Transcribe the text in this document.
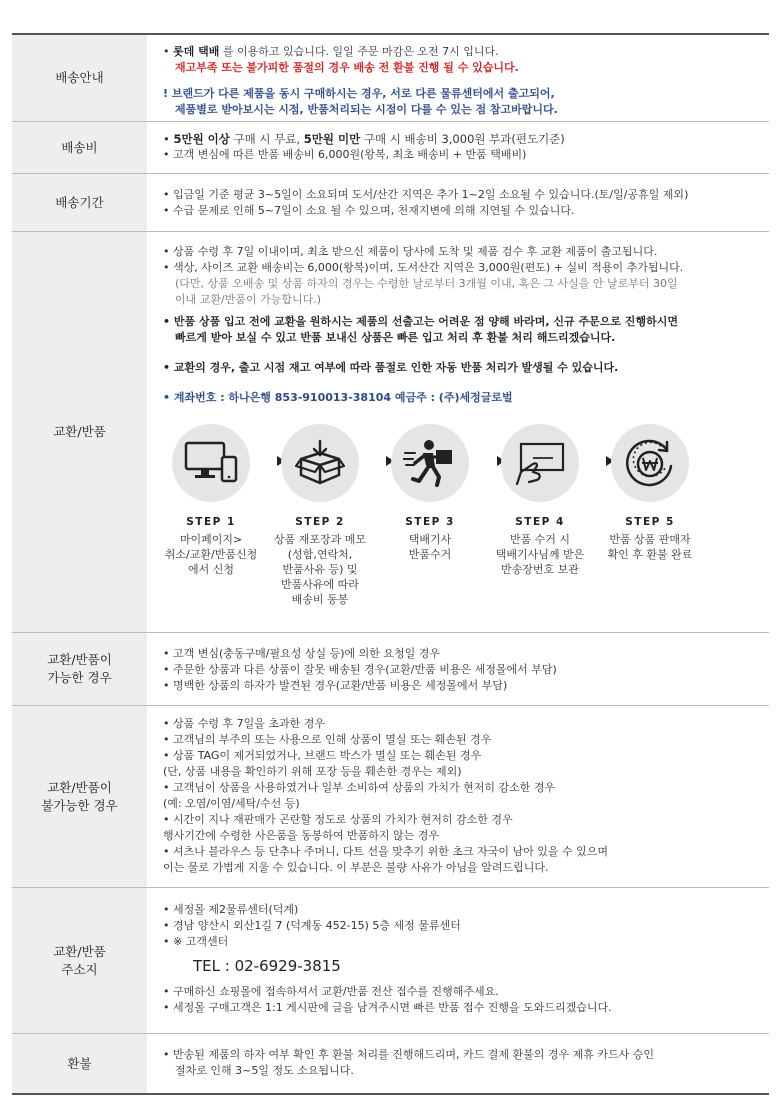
배송안내
• 롯데 택배 를 이용하고 있습니다. 일일 주문 마감은 오전 7시 입니다.
재고부족 또는 불가피한 품절의 경우 배송 전 환불 진행 될 수 있습니다.
! 브랜드가 다른 제품을 동시 구매하시는 경우, 서로 다른 물류센터에서 출고되어,
제품별로 받아보시는 시점, 반품처리되는 시점이 다를 수 있는 점 참고바랍니다.
배송비
• 5만원 이상 구매 시 무료, 5만원 미만 구매 시 배송비 3,000원 부과(편도기준)
• 고객 변심에 따른 반품 배송비 6,000원(왕복, 최초 배송비 + 반품 택배비)
배송기간	• 입금일 기준 평균 3~5일이 소요되며 도서/산간 지역은 추가 1~2일 소요될 수 있습니다.(토/일/공휴일 제외)
• 수급 문제로 인해 5~7일이 소요 될 수 있으며, 천재지변에 의해 지연될 수 있습니다.
교환/반품
• 상품 수령 후 7일 이내이며, 최초 받으신 제품이 당사에 도착 및 제품 검수 후 교환 제품이 출고됩니다.
• 색상, 사이즈 교환 배송비는 6,000(왕복)이며, 도서산간 지역은 3,000원(편도) + 실비 적용이 추가됩니다.
(다만, 상품 오배송 및 상품 하자의 경우는 수령한 날로부터 3개월 이내, 혹은 그 사실을 안 날로부터 30일
이내 교환/반품이 가능합니다.)
• 반품 상품 입고 전에 교환을 원하시는 제품의 선출고는 어려운 점 양해 바라며, 신규 주문으로 진행하시면
빠르게 받아 보실 수 있고 반품 보내신 상품은 빠른 입고 처리 후 환불 처리 해드리겠습니다.
• 교환의 경우, 출고 시점 재고 여부에 따라 품절로 인한 자동 반품 처리가 발생될 수 있습니다.
• 계좌번호 : 하나은행 853-910013-38104 예금주 : (주)세정글로벌
STEP 1
마이페이지>
취소/교환/반품신청
에서 신청
STEP 2
상품 재포장과 메모
(성함,연락처,
반품사유 등) 및
반품사유에 따라
배송비 동봉
STEP 3
택배기사
반품수거
STEP 4
반품 수거 시
택배기사님께 받은
반송장번호 보관
STEP 5
반품 상품 판매자
확인 후 환불 완료
교환/반품이
가능한 경우
• 고객 변심(충동구매/필요성 상실 등)에 의한 요청일 경우
• 주문한 상품과 다른 상품이 잘못 배송된 경우(교환/반품 비용은 세정몰에서 부담)
• 명백한 상품의 하자가 발견된 경우(교환/반품 비용은 세정몰에서 부담)
교환/반품이
불가능한 경우
• 상품 수령 후 7일을 초과한 경우
• 고객님의 부주의 또는 사용으로 인해 상품이 멸실 또는 훼손된 경우
• 상품 TAG이 제거되었거나, 브랜드 박스가 멸실 또는 훼손된 경우
(단, 상품 내용을 확인하기 위해 포장 등을 훼손한 경우는 제외)
• 고객님이 상품을 사용하였거나 일부 소비하여 상품의 가치가 현저히 감소한 경우
(예: 오염/이염/세탁/수선 등)
• 시간이 지나 재판매가 곤란할 정도로 상품의 가치가 현저히 감소한 경우
행사기간에 수령한 사은품을 동봉하여 반품하지 않는 경우
• 셔츠나 블라우스 등 단추나 주머니, 다트 선을 맞추기 위한 초크 자국이 남아 있을 수 있으며
이는 물로 가볍게 지울 수 있습니다. 이 부분은 불량 사유가 아님을 알려드립니다.
교환/반품
주소지
• 세정몰 제2물류센터(덕계)
• 경남 양산시 외산1길 7 (덕계동 452-15) 5층 세정 물류센터
• ※ 고객센터
TEL : 02-6929-3815
• 구매하신 쇼핑몰에 접속하셔서 교환/반품 전산 접수를 진행해주세요.
• 세정몰 구매고객은 1:1 게시판에 글을 남겨주시면 빠른 반품 접수 진행을 도와드리겠습니다.
환불
• 반송된 제품의 하자 여부 확인 후 환불 처리를 진행해드리며, 카드 결제 환불의 경우 제휴 카드사 승인
절차로 인해 3~5일 정도 소요됩니다.
